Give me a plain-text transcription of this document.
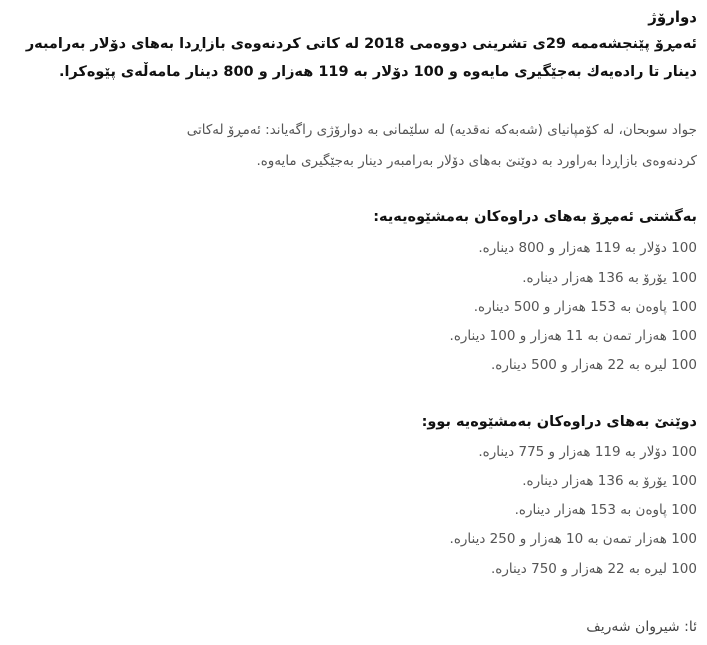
دوارۆژ
ئەمڕۆ پێنجشەممە 29ی تشرینی دووەمی 2018 لە کاتی کردنەوەی بازاڕدا بەهای دۆلار بەرامبەر
دینار تا رادەیەك بەجێگیری مایەوە و 100 دۆلار بە 119 هەزار و 800 دینار مامەڵەی پێوەکرا.
جواد سوبحان، لە کۆمپانیای (شەبەکە نەقدیە) لە سلێمانی بە دوارۆژی راگەیاند: ئەمڕۆ لەکاتی
کردنەوەی بازاڕدا بەراورد بە دوێنێ بەهای دۆلار بەرامبەر دینار بەجێگیری مایەوە.
بەگشتی ئەمڕۆ بەهای دراوەکان بەمشێوەیەیە:
100 دۆلار بە 119 هەزار و 800 دینارە.
100 یۆرۆ بە 136 هەزار دینارە.
100 پاوەن بە 153 هەزار و 500 دینارە.
100 هەزار تمەن بە 11 هەزار و 100 دینارە.
100 لیرە بە 22 هەزار و 500 دینارە.
دوێنێ بەهای دراوەکان بەمشێوەیە بوو:
100 دۆلار بە 119 هەزار و 775 دینارە.
100 یۆرۆ بە 136 هەزار دینارە.
100 پاوەن بە 153 هەزار دینارە.
100 هەزار تمەن بە 10 هەزار و 250 دینارە.
100 لیرە بە 22 هەزار و 750 دینارە.
ئا: شیروان شەریف
